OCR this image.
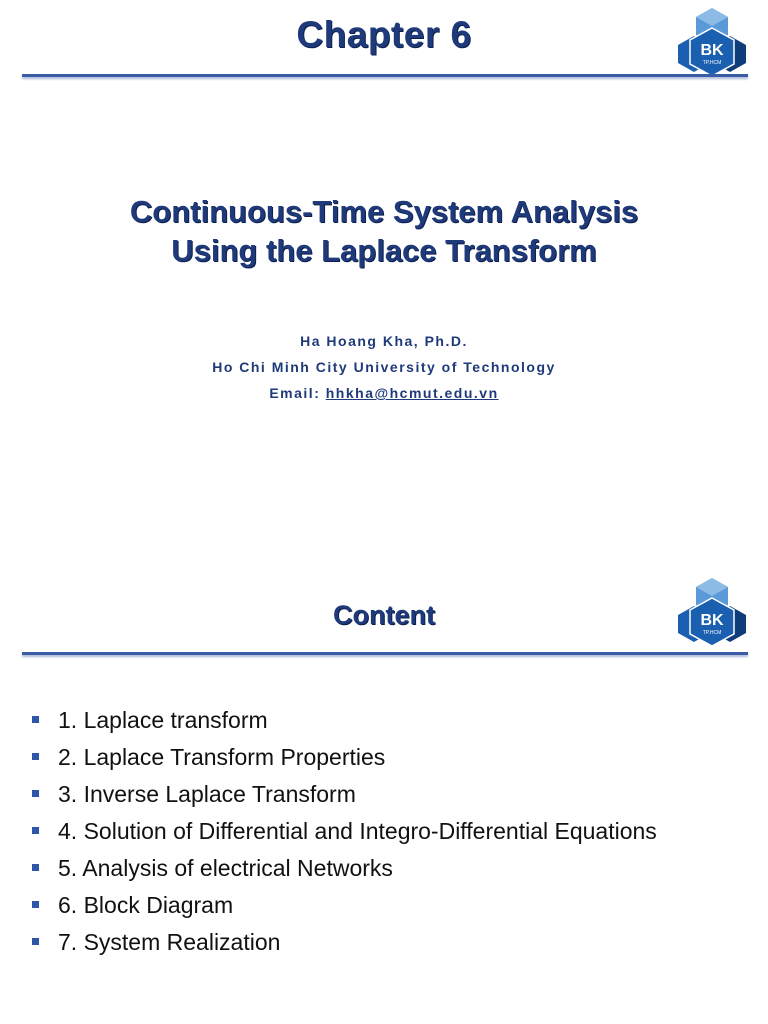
Chapter 6	BK
TP.HCM
Continuous-Time System Analysis
Using the Laplace Transform
Ha Hoang Kha, Ph.D.
Ho Chi Minh City University of Technology
Email: hhkha@hcmut.edu.vn
BK
TP.HCM
Content
1. Laplace transform
2. Laplace Transform Properties
3. Inverse Laplace Transform
4. Solution of Differential and Integro-Differential Equations
5. Analysis of electrical Networks
6. Block Diagram
7. System Realization
